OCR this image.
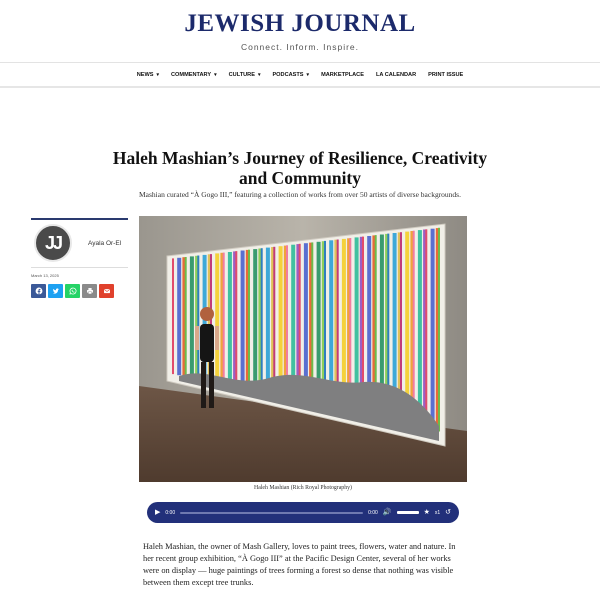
JEWISH JOURNAL
Connect. Inform. Inspire.
NEWS ▾ COMMENTARY ▾ CULTURE ▾ PODCASTS ▾ MARKETPLACE LA CALENDAR PRINT ISSUE
Haleh Mashian’s Journey of Resilience, Creativity and Community

Mashian curated “À Gogo III,” featuring a collection of works from over 50 artists of diverse backgrounds.

JJ	Ayala Or-El
March 13, 2025
Haleh Mashian (Rich Royal Photography)
▶ 0:00	0:00 🔊	★ x1 ↺

Haleh Mashian, the owner of Mash Gallery, loves to paint trees, flowers, water and nature. In her recent group exhibition, “À Gogo III” at the Pacific Design Center, several of her works were on display — huge paintings of trees forming a forest so dense that nothing was visible between them except tree trunks.
